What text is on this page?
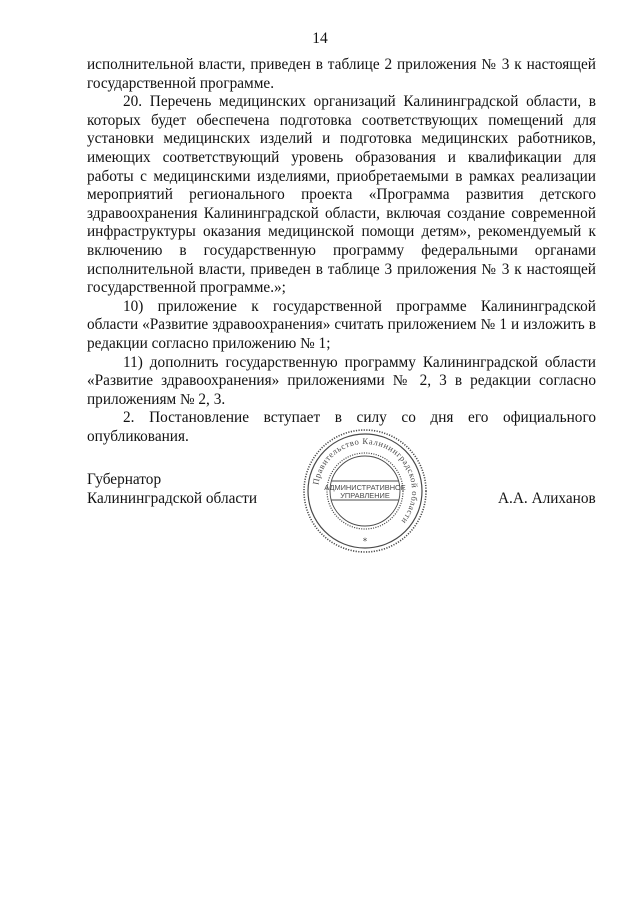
14

исполнительной власти, приведен в таблице 2 приложения № 3 к настоящей государственной программе.

20. Перечень медицинских организаций Калининградской области, в которых будет обеспечена подготовка соответствующих помещений для установки медицинских изделий и подготовка медицинских работников, имеющих соответствующий уровень образования и квалификации для работы с медицинскими изделиями, приобретаемыми в рамках реализации мероприятий регионального проекта «Программа развития детского здравоохранения Калининградской области, включая создание современной инфраструктуры оказания медицинской помощи детям», рекомендуемый к включению в государственную программу федеральными органами исполнительной власти, приведен в таблице 3 приложения № 3 к настоящей государственной программе.»;

10) приложение к государственной программе Калининградской области «Развитие здравоохранения» считать приложением № 1 и изложить в редакции согласно приложению № 1;

11) дополнить государственную программу Калининградской области «Развитие здравоохранения» приложениями № 2, 3 в редакции согласно приложениям № 2, 3.

2. Постановление вступает в силу со дня его официального опубликования.

Губернатор
Калининградской области	А.А. Алиханов
Правительство Калининградской области
АДМИНИСТРАТИВНОЕ
УПРАВЛЕНИЕ
*
